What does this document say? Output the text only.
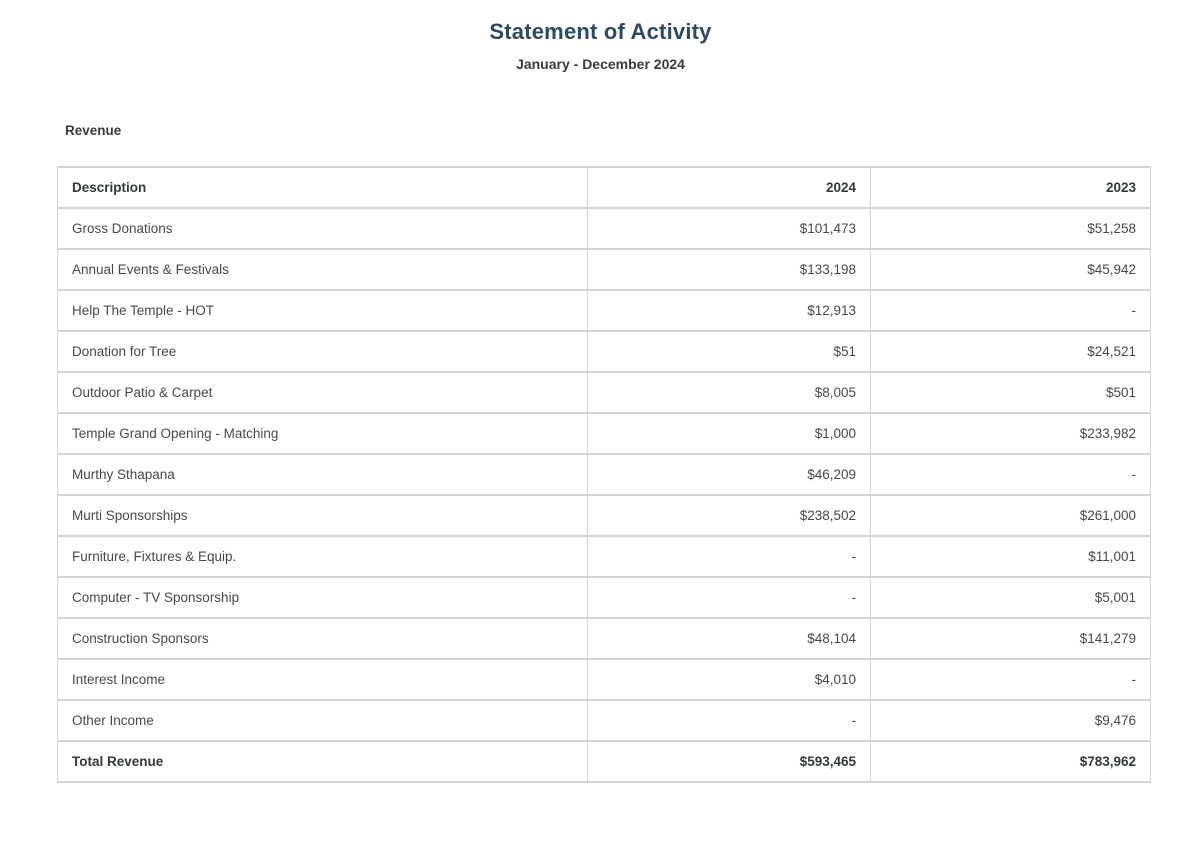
Statement of Activity
January - December 2024
Revenue
Description	2024	2023
Gross Donations	$101,473	$51,258
Annual Events & Festivals	$133,198	$45,942
Help The Temple - HOT	$12,913	-
Donation for Tree	$51	$24,521
Outdoor Patio & Carpet	$8,005	$501
Temple Grand Opening - Matching	$1,000	$233,982
Murthy Sthapana	$46,209	-
Murti Sponsorships	$238,502	$261,000
Furniture, Fixtures & Equip.	-	$11,001
Computer - TV Sponsorship	-	$5,001
Construction Sponsors	$48,104	$141,279
Interest Income	$4,010	-
Other Income	-	$9,476
Total Revenue	$593,465	$783,962
